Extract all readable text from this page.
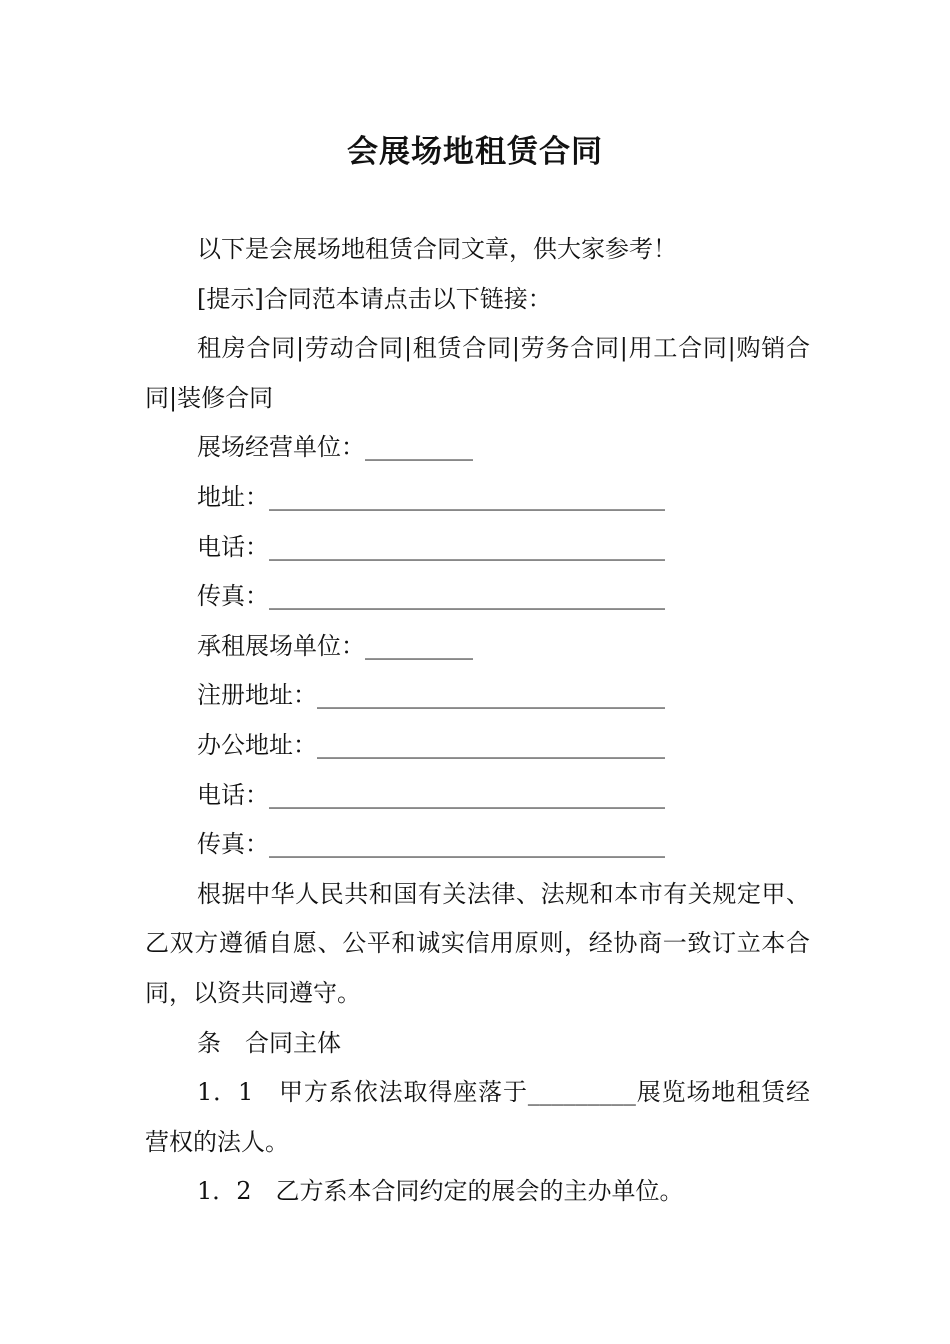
会展场地租赁合同

以下是会展场地租赁合同文章，供大家参考！

[提示]合同范本请点击以下链接：

租房合同|劳动合同|租赁合同|劳务合同|用工合同|购销合同|装修合同

展场经营单位：_________

地址：_________________________________

电话：_________________________________

传真：_________________________________

承租展场单位：_________

注册地址：_____________________________

办公地址：_____________________________

电话：_________________________________

传真：_________________________________

根据中华人民共和国有关法律、法规和本市有关规定甲、乙双方遵循自愿、公平和诚实信用原则，经协商一致订立本合同，以资共同遵守。

条　合同主体

1．1　甲方系依法取得座落于_________展览场地租赁经营权的法人。

1．2　乙方系本合同约定的展会的主办单位。
